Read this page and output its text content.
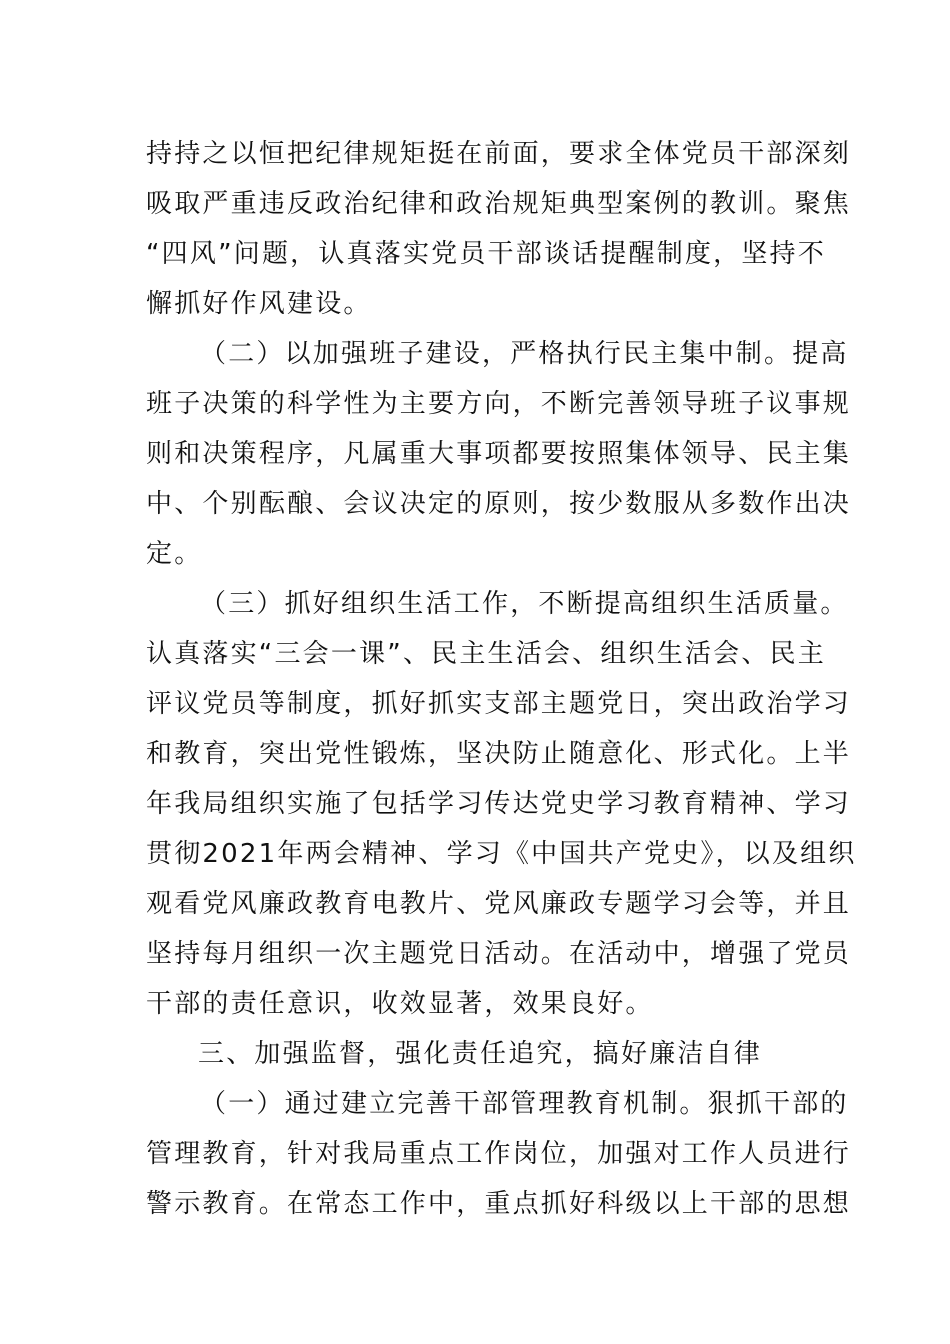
持持之以恒把纪律规矩挺在前面，要求全体党员干部深刻

吸取严重违反政治纪律和政治规矩典型案例的教训。聚焦

“四风”问题，认真落实党员干部谈话提醒制度，坚持不

懈抓好作风建设。

（二）以加强班子建设，严格执行民主集中制。提高

班子决策的科学性为主要方向，不断完善领导班子议事规

则和决策程序，凡属重大事项都要按照集体领导、民主集

中、个别酝酿、会议决定的原则，按少数服从多数作出决

定。

（三）抓好组织生活工作，不断提高组织生活质量。

认真落实“三会一课”、民主生活会、组织生活会、民主

评议党员等制度，抓好抓实支部主题党日，突出政治学习

和教育，突出党性锻炼，坚决防止随意化、形式化。上半

年我局组织实施了包括学习传达党史学习教育精神、学习

贯彻2021年两会精神、学习《中国共产党史》，以及组织

观看党风廉政教育电教片、党风廉政专题学习会等，并且

坚持每月组织一次主题党日活动。在活动中，增强了党员

干部的责任意识，收效显著，效果良好。

三、加强监督，强化责任追究，搞好廉洁自律

（一）通过建立完善干部管理教育机制。狠抓干部的

管理教育，针对我局重点工作岗位，加强对工作人员进行

警示教育。在常态工作中，重点抓好科级以上干部的思想
